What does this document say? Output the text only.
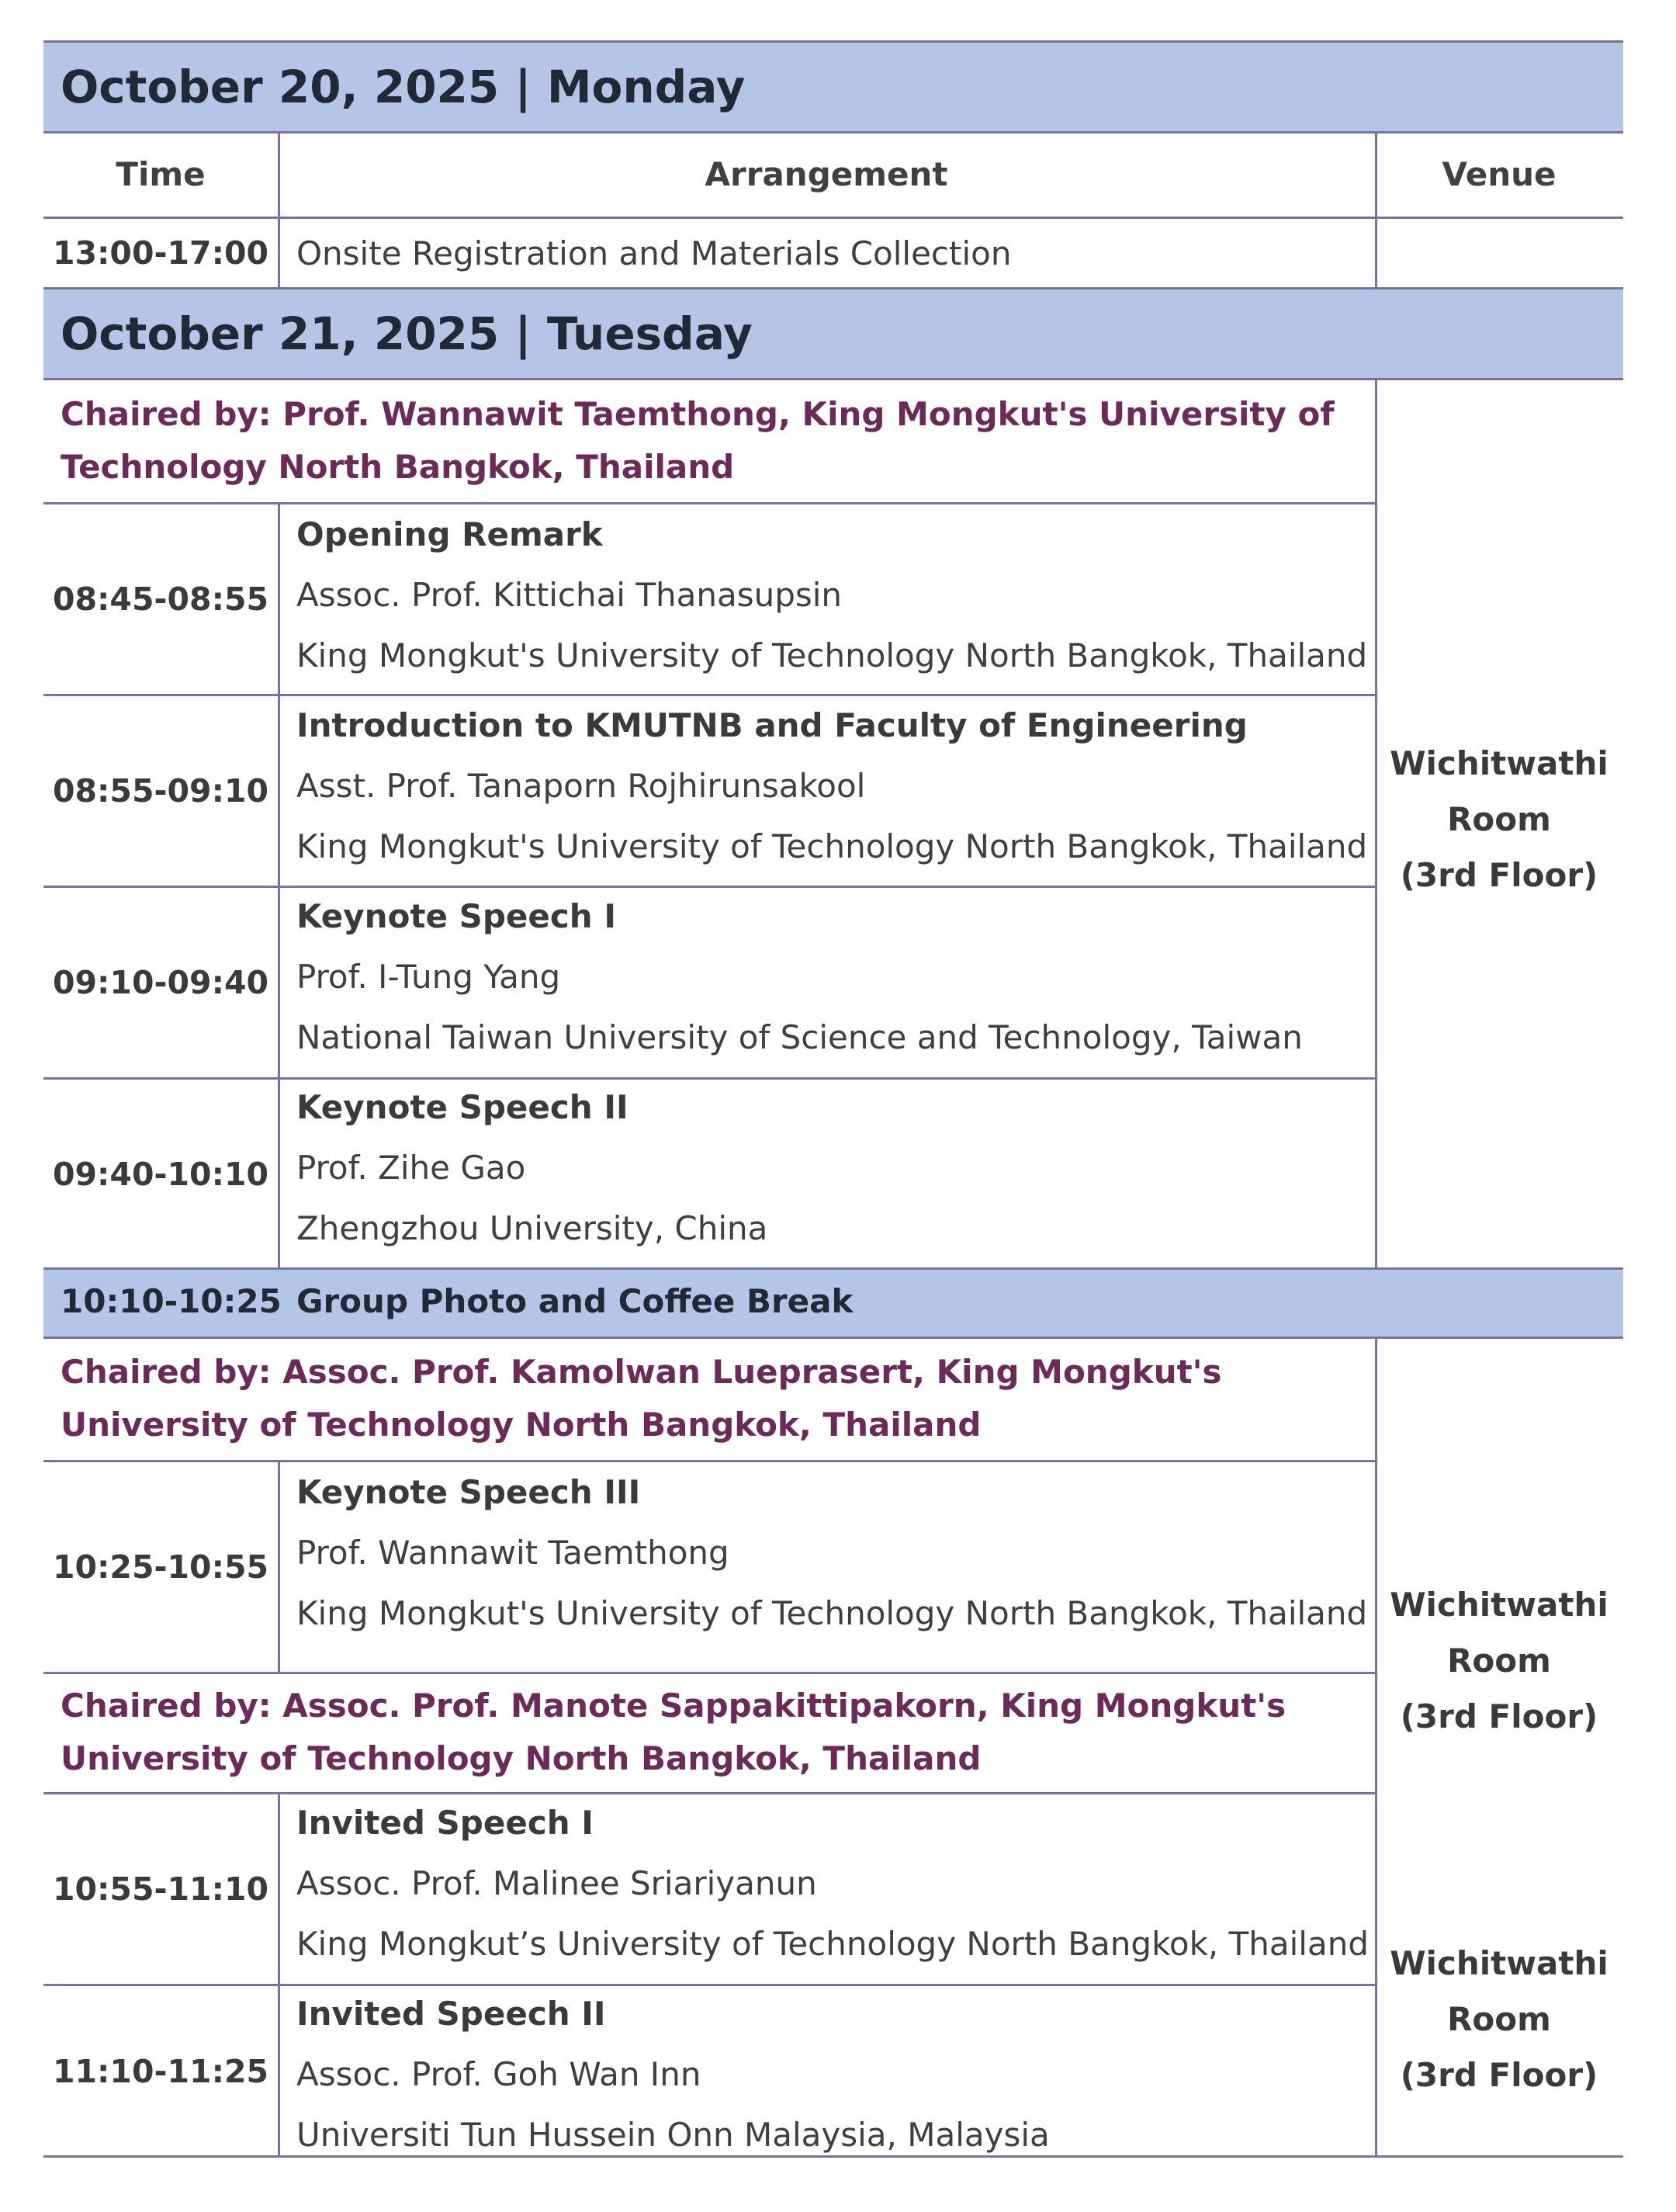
October 20, 2025 | Monday
Time	Arrangement	Venue
13:00-17:00 Onsite Registration and Materials Collection
October 21, 2025 | Tuesday
Chaired by: Prof. Wannawit Taemthong, King Mongkut's University of Technology North Bangkok, Thailand
08:45-08:55
Opening Remark
Assoc. Prof. Kittichai Thanasupsin
King Mongkut's University of Technology North Bangkok, Thailand
08:55-09:10
Introduction to KMUTNB and Faculty of Engineering
Asst. Prof. Tanaporn Rojhirunsakool
King Mongkut's University of Technology North Bangkok, Thailand
09:10-09:40
Keynote Speech I
Prof. I-Tung Yang
National Taiwan University of Science and Technology, Taiwan
09:40-10:10
Keynote Speech II
Prof. Zihe Gao
Zhengzhou University, China
Wichitwathi
Room
(3rd Floor)
10:10-10:25 Group Photo and Coffee Break
Chaired by: Assoc. Prof. Kamolwan Lueprasert, King Mongkut's University of Technology North Bangkok, Thailand
10:25-10:55
Keynote Speech III
Prof. Wannawit Taemthong
King Mongkut's University of Technology North Bangkok, Thailand Wichitwathi
Room
(3rd Floor)
Chaired by: Assoc. Prof. Manote Sappakittipakorn, King Mongkut's University of Technology North Bangkok, Thailand
10:55-11:10
Invited Speech I
Assoc. Prof. Malinee Sriariyanun
King Mongkut’s University of Technology North Bangkok, Thailand
11:10-11:25
Invited Speech II
Assoc. Prof. Goh Wan Inn
Universiti Tun Hussein Onn Malaysia, Malaysia
Wichitwathi
Room
(3rd Floor)
